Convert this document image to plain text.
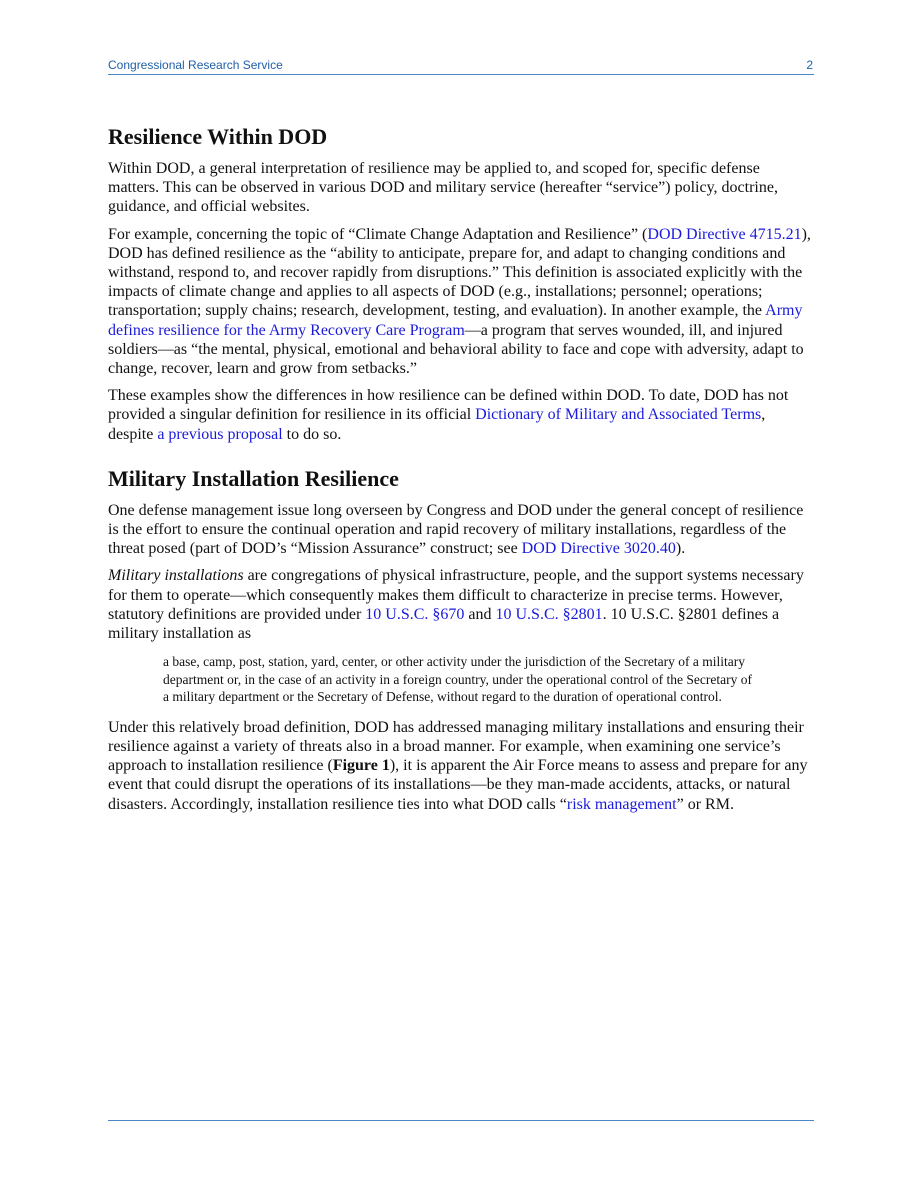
Congressional Research Service	2
Resilience Within DOD

Within DOD, a general interpretation of resilience may be applied to, and scoped for, specific defense matters. This can be observed in various DOD and military service (hereafter “service”) policy, doctrine, guidance, and official websites.

For example, concerning the topic of “Climate Change Adaptation and Resilience” (DOD Directive 4715.21), DOD has defined resilience as the “ability to anticipate, prepare for, and adapt to changing conditions and withstand, respond to, and recover rapidly from disruptions.” This definition is associated explicitly with the impacts of climate change and applies to all aspects of DOD (e.g., installations; personnel; operations; transportation; supply chains; research, development, testing, and evaluation). In another example, the Army defines resilience for the Army Recovery Care Program—a program that serves wounded, ill, and injured soldiers—as “the mental, physical, emotional and behavioral ability to face and cope with adversity, adapt to change, recover, learn and grow from setbacks.”

These examples show the differences in how resilience can be defined within DOD. To date, DOD has not provided a singular definition for resilience in its official Dictionary of Military and Associated Terms, despite a previous proposal to do so.

Military Installation Resilience

One defense management issue long overseen by Congress and DOD under the general concept of resilience is the effort to ensure the continual operation and rapid recovery of military installations, regardless of the threat posed (part of DOD’s “Mission Assurance” construct; see DOD Directive 3020.40).

Military installations are congregations of physical infrastructure, people, and the support systems necessary for them to operate—which consequently makes them difficult to characterize in precise terms. However, statutory definitions are provided under 10 U.S.C. §670 and 10 U.S.C. §2801. 10 U.S.C. §2801 defines a military installation as

a base, camp, post, station, yard, center, or other activity under the jurisdiction of the Secretary of a military department or, in the case of an activity in a foreign country, under the operational control of the Secretary of a military department or the Secretary of Defense, without regard to the duration of operational control.

Under this relatively broad definition, DOD has addressed managing military installations and ensuring their resilience against a variety of threats also in a broad manner. For example, when examining one service’s approach to installation resilience (Figure 1), it is apparent the Air Force means to assess and prepare for any event that could disrupt the operations of its installations—be they man-made accidents, attacks, or natural disasters. Accordingly, installation resilience ties into what DOD calls “risk management” or RM.
